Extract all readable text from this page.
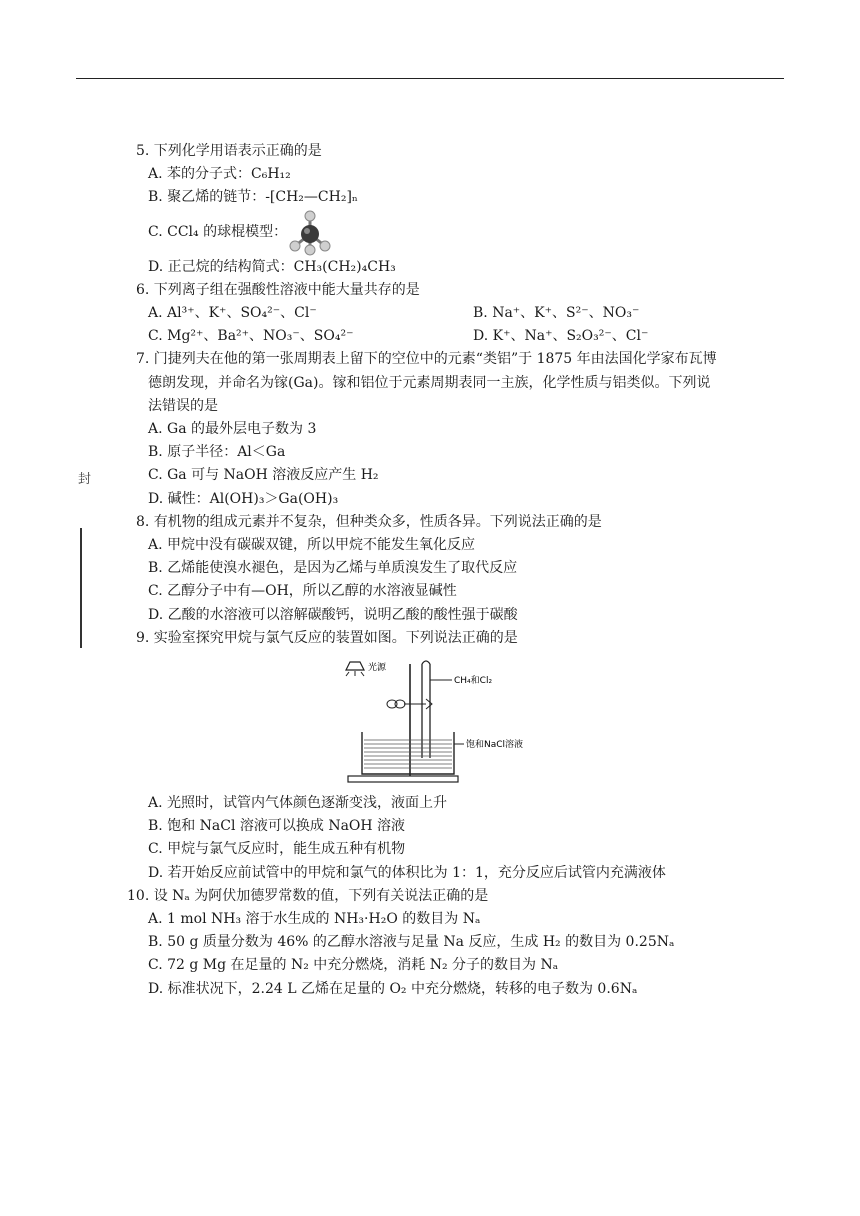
封
5. 下列化学用语表示正确的是
A. 苯的分子式：C₆H₁₂
B. 聚乙烯的链节：-[CH₂—CH₂]ₙ
C. CCl₄ 的球棍模型：
D. 正己烷的结构简式：CH₃(CH₂)₄CH₃
6. 下列离子组在强酸性溶液中能大量共存的是
A. Al³⁺、K⁺、SO₄²⁻、Cl⁻	B. Na⁺、K⁺、S²⁻、NO₃⁻
C. Mg²⁺、Ba²⁺、NO₃⁻、SO₄²⁻	D. K⁺、Na⁺、S₂O₃²⁻、Cl⁻
7. 门捷列夫在他的第一张周期表上留下的空位中的元素“类铝”于 1875 年由法国化学家布瓦博
德朗发现，并命名为镓(Ga)。镓和铝位于元素周期表同一主族，化学性质与铝类似。下列说
法错误的是
A. Ga 的最外层电子数为 3
B. 原子半径：Al＜Ga
C. Ga 可与 NaOH 溶液反应产生 H₂
D. 碱性：Al(OH)₃＞Ga(OH)₃
8. 有机物的组成元素并不复杂，但种类众多，性质各异。下列说法正确的是
A. 甲烷中没有碳碳双键，所以甲烷不能发生氧化反应
B. 乙烯能使溴水褪色，是因为乙烯与单质溴发生了取代反应
C. 乙醇分子中有—OH，所以乙醇的水溶液显碱性
D. 乙酸的水溶液可以溶解碳酸钙，说明乙酸的酸性强于碳酸
9. 实验室探究甲烷与氯气反应的装置如图。下列说法正确的是
光源
CH₄和Cl₂
饱和NaCl溶液
A. 光照时，试管内气体颜色逐渐变浅，液面上升
B. 饱和 NaCl 溶液可以换成 NaOH 溶液
C. 甲烷与氯气反应时，能生成五种有机物
D. 若开始反应前试管中的甲烷和氯气的体积比为 1：1，充分反应后试管内充满液体
10. 设 Nₐ 为阿伏加德罗常数的值，下列有关说法正确的是
A. 1 mol NH₃ 溶于水生成的 NH₃·H₂O 的数目为 Nₐ
B. 50 g 质量分数为 46% 的乙醇水溶液与足量 Na 反应，生成 H₂ 的数目为 0.25Nₐ
C. 72 g Mg 在足量的 N₂ 中充分燃烧，消耗 N₂ 分子的数目为 Nₐ
D. 标准状况下，2.24 L 乙烯在足量的 O₂ 中充分燃烧，转移的电子数为 0.6Nₐ
